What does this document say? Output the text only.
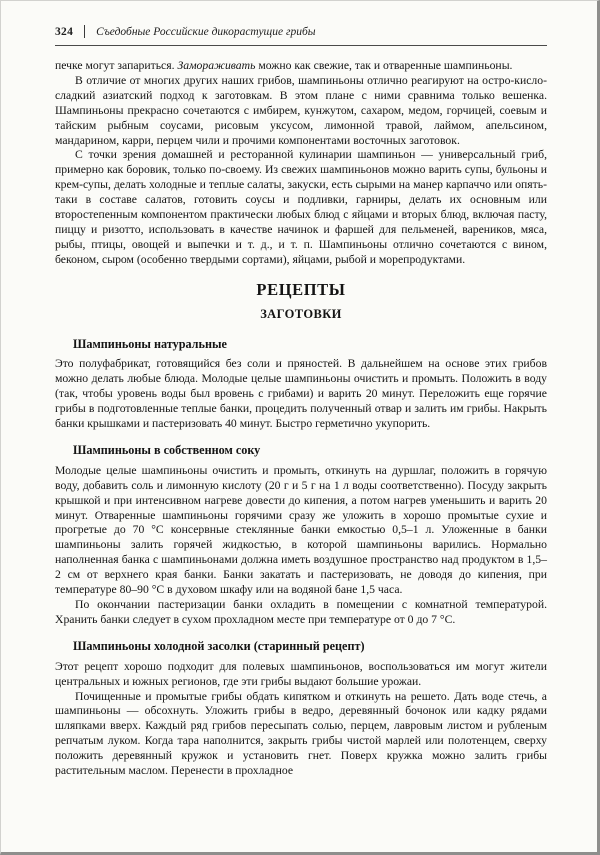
324 Съедобные Российские дикорастущие грибы

печке могут запариться. Замораживать можно как свежие, так и отваренные шампиньоны.

В отличие от многих других наших грибов, шампиньоны отлично реагируют на остро-кисло-сладкий азиатский подход к заготовкам. В этом плане с ними сравнима только вешенка. Шампиньоны прекрасно сочетаются с имбирем, кунжутом, сахаром, медом, горчицей, соевым и тайским рыбным соусами, рисовым уксусом, лимонной травой, лаймом, апельсином, мандарином, карри, перцем чили и прочими компонентами восточных заготовок.

С точки зрения домашней и ресторанной кулинарии шампиньон — универсальный гриб, примерно как боровик, только по-своему. Из свежих шампиньонов можно варить супы, бульоны и крем-супы, делать холодные и теплые салаты, закуски, есть сырыми на манер карпаччо или опять-таки в составе салатов, готовить соусы и подливки, гарниры, делать их основным или второстепенным компонентом практически любых блюд с яйцами и вторых блюд, включая пасту, пиццу и ризотто, использовать в качестве начинок и фаршей для пельменей, вареников, мяса, рыбы, птицы, овощей и выпечки и т. д., и т. п. Шампиньоны отлично сочетаются с вином, беконом, сыром (особенно твердыми сортами), яйцами, рыбой и морепродуктами.

РЕЦЕПТЫ
ЗАГОТОВКИ
Шампиньоны натуральные

Это полуфабрикат, готовящийся без соли и пряностей. В дальнейшем на основе этих грибов можно делать любые блюда. Молодые целые шампиньоны очистить и промыть. Положить в воду (так, чтобы уровень воды был вровень с грибами) и варить 20 минут. Переложить еще горячие грибы в подготовленные теплые банки, процедить полученный отвар и залить им грибы. Накрыть банки крышками и пастеризовать 40 минут. Быстро герметично укупорить.

Шампиньоны в собственном соку

Молодые целые шампиньоны очистить и промыть, откинуть на дуршлаг, положить в горячую воду, добавить соль и лимонную кислоту (20 г и 5 г на 1 л воды соответственно). Посуду закрыть крышкой и при интенсивном нагреве довести до кипения, а потом нагрев уменьшить и варить 20 минут. Отваренные шампиньоны горячими сразу же уложить в хорошо промытые сухие и прогретые до 70 °C консервные стеклянные банки емкостью 0,5–1 л. Уложенные в банки шампиньоны залить горячей жидкостью, в которой шампиньоны варились. Нормально наполненная банка с шампиньонами должна иметь воздушное пространство над продуктом в 1,5–2 см от верхнего края банки. Банки закатать и пастеризовать, не доводя до кипения, при температуре 80–90 °C в духовом шкафу или на водяной бане 1,5 часа.

По окончании пастеризации банки охладить в помещении с комнатной температурой. Хранить банки следует в сухом прохладном месте при температуре от 0 до 7 °C.

Шампиньоны холодной засолки (старинный рецепт)

Этот рецепт хорошо подходит для полевых шампиньонов, воспользоваться им могут жители центральных и южных регионов, где эти грибы выдают большие урожаи.

Почищенные и промытые грибы обдать кипятком и откинуть на решето. Дать воде стечь, а шампиньоны — обсохнуть. Уложить грибы в ведро, деревянный бочонок или кадку рядами шляпками вверх. Каждый ряд грибов пересыпать солью, перцем, лавровым листом и рубленым репчатым луком. Когда тара наполнится, закрыть грибы чистой марлей или полотенцем, сверху положить деревянный кружок и установить гнет. Поверх кружка можно залить грибы растительным маслом. Перенести в прохладное
